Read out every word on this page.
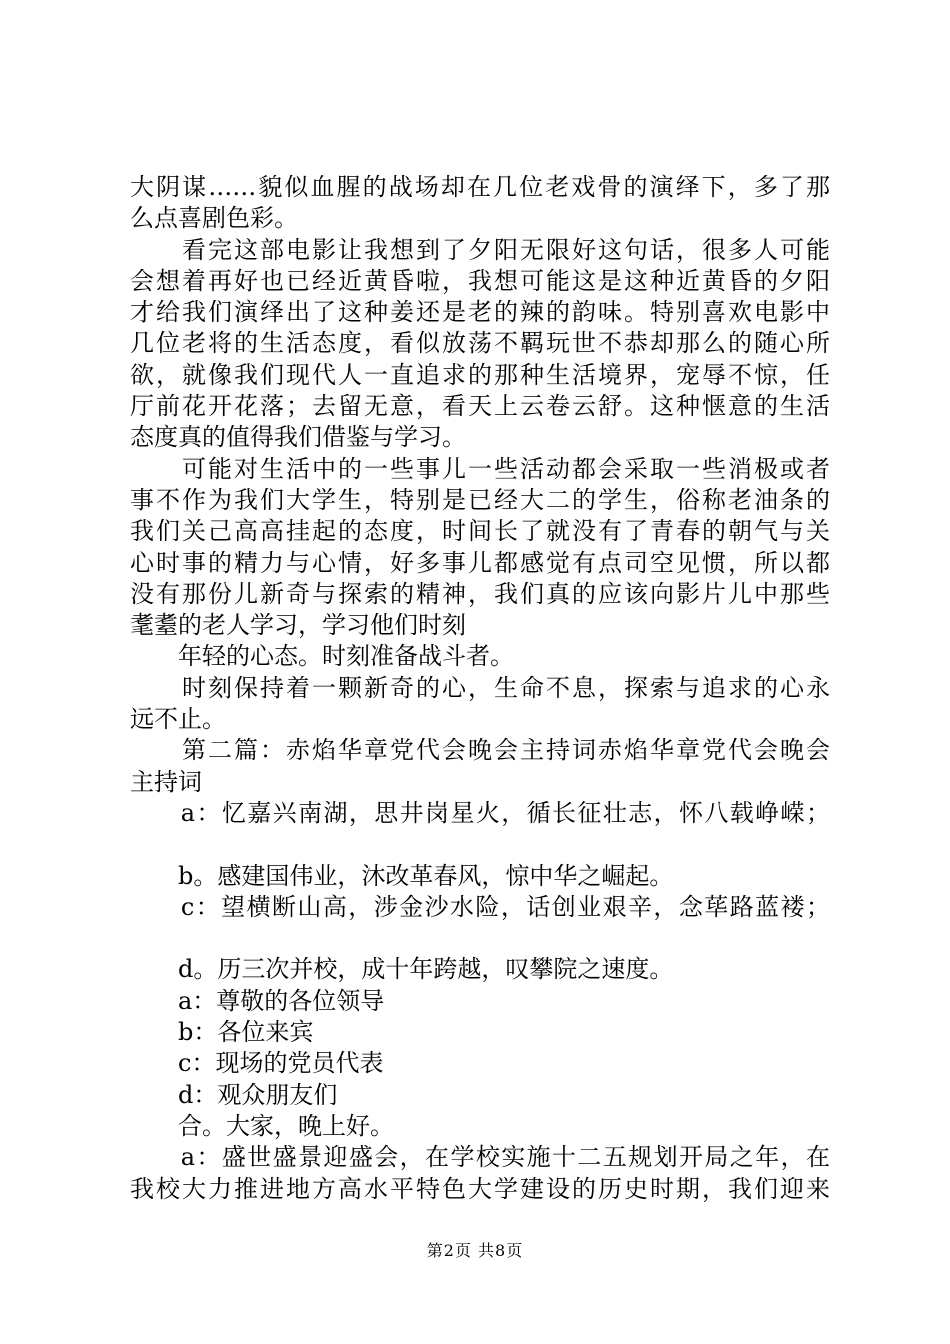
大阴谋……貌似血腥的战场却在几位老戏骨的演绎下，多了那
么点喜剧色彩。
　　看完这部电影让我想到了夕阳无限好这句话，很多人可能
会想着再好也已经近黄昏啦，我想可能这是这种近黄昏的夕阳
才给我们演绎出了这种姜还是老的辣的韵味。特别喜欢电影中
几位老将的生活态度，看似放荡不羁玩世不恭却那么的随心所
欲，就像我们现代人一直追求的那种生活境界，宠辱不惊，任
厅前花开花落；去留无意，看天上云卷云舒。这种惬意的生活
态度真的值得我们借鉴与学习。
　　可能对生活中的一些事儿一些活动都会采取一些消极或者
事不作为我们大学生，特别是已经大二的学生，俗称老油条的
我们关己高高挂起的态度，时间长了就没有了青春的朝气与关
心时事的精力与心情，好多事儿都感觉有点司空见惯，所以都
没有那份儿新奇与探索的精神，我们真的应该向影片儿中那些
耄耋的老人学习，学习他们时刻
　　年轻的心态。时刻准备战斗者。
　　时刻保持着一颗新奇的心，生命不息，探索与追求的心永
远不止。
　　第二篇：赤焰华章党代会晚会主持词赤焰华章党代会晚会
主持词
　　a：忆嘉兴南湖，思井岗星火，循长征壮志，怀八载峥嵘；
　　b。感建国伟业，沐改革春风，惊中华之崛起。
　　c：望横断山高，涉金沙水险，话创业艰辛，念荜路蓝褛；
　　d。历三次并校，成十年跨越，叹攀院之速度。
　　a：尊敬的各位领导
　　b：各位来宾
　　c：现场的党员代表
　　d：观众朋友们
　　合。大家，晚上好。
　　a：盛世盛景迎盛会，在学校实施十二五规划开局之年，在
我校大力推进地方高水平特色大学建设的历史时期，我们迎来
第2页 共8页
